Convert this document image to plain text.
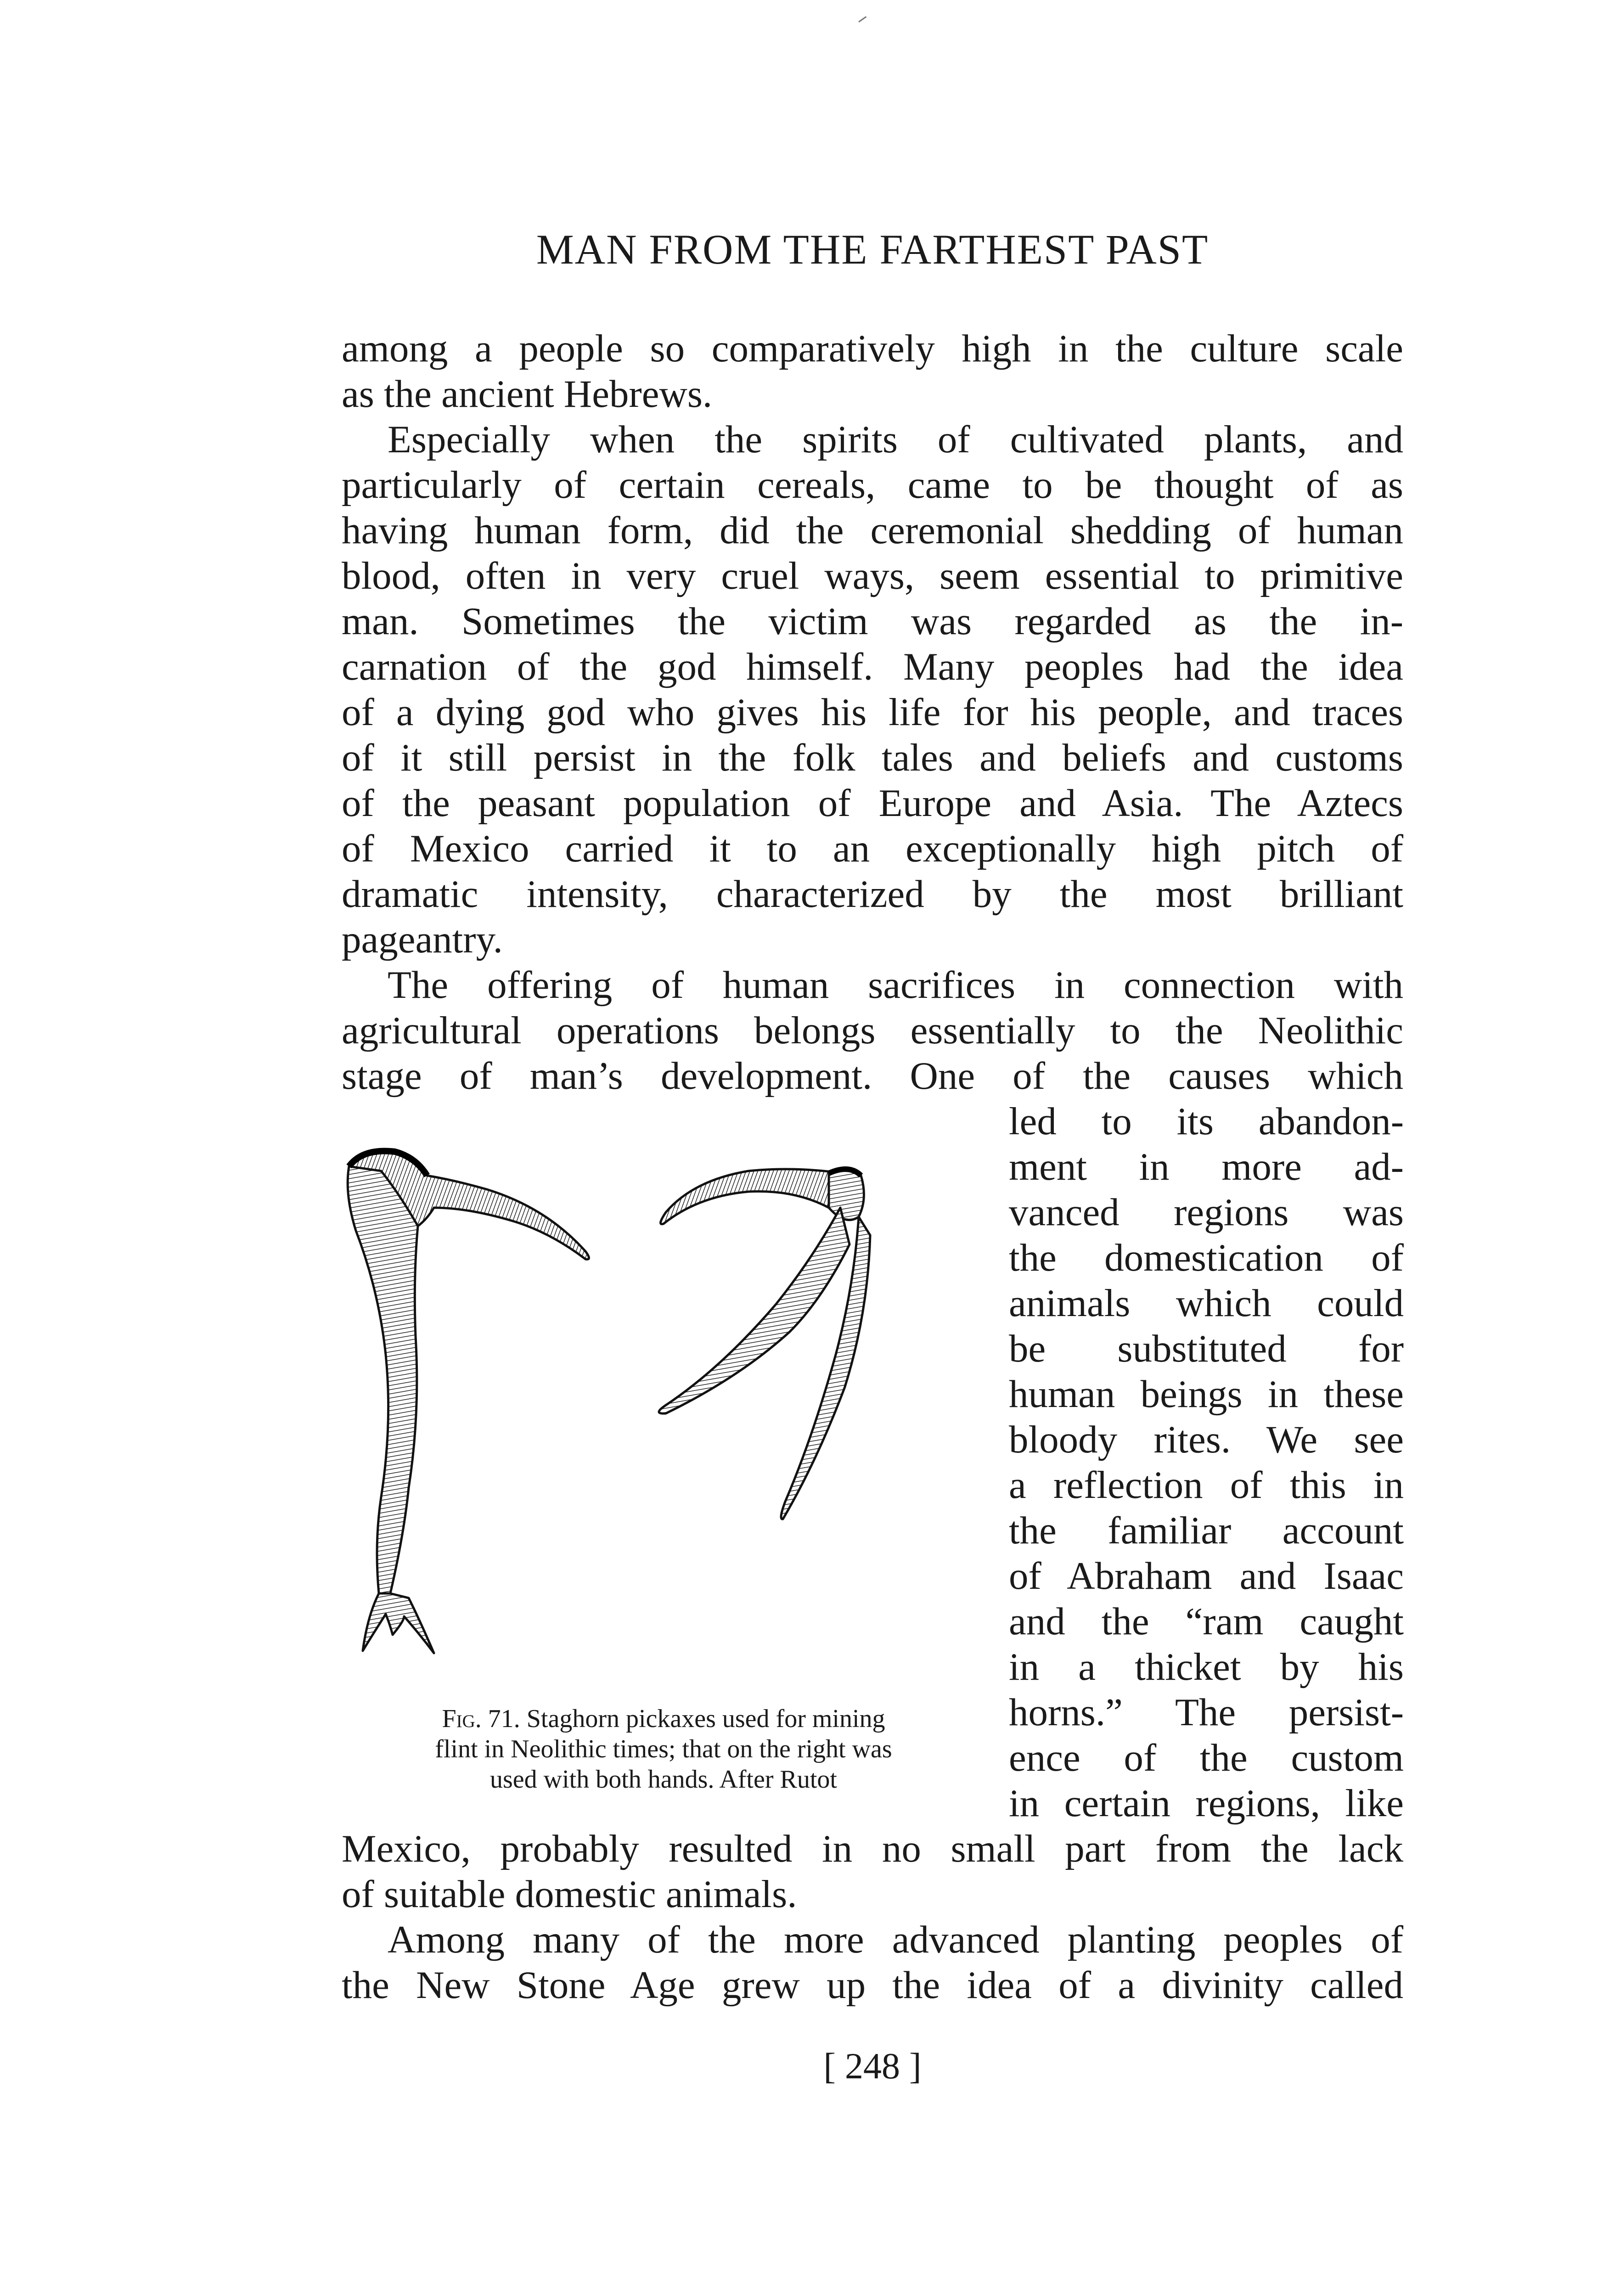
MAN FROM THE FARTHEST PAST
among a people so comparatively high in the culture scale
as the ancient Hebrews.
Especially when the spirits of cultivated plants, and
particularly of certain cereals, came to be thought of as
having human form, did the ceremonial shedding of human
blood, often in very cruel ways, seem essential to primitive
man. Sometimes the victim was regarded as the in-
carnation of the god himself. Many peoples had the idea
of a dying god who gives his life for his people, and traces
of it still persist in the folk tales and beliefs and customs
of the peasant population of Europe and Asia. The Aztecs
of Mexico carried it to an exceptionally high pitch of
dramatic intensity, characterized by the most brilliant
pageantry.
The offering of human sacrifices in connection with
agricultural operations belongs essentially to the Neolithic
stage of man’s development. One of the causes which
led to its abandon-
ment in more ad-
vanced regions was
the domestication of
animals which could
be substituted for
human beings in these
bloody rites. We see
a reflection of this in
the familiar account
of Abraham and Isaac
and the “ram caught
in a thicket by his
horns.” The persist-
ence of the custom
in certain regions, like
Fig. 71. Staghorn pickaxes used for mining
flint in Neolithic times; that on the right was
used with both hands. After Rutot
Mexico, probably resulted in no small part from the lack
of suitable domestic animals.
Among many of the more advanced planting peoples of
the New Stone Age grew up the idea of a divinity called
[ 248 ]
